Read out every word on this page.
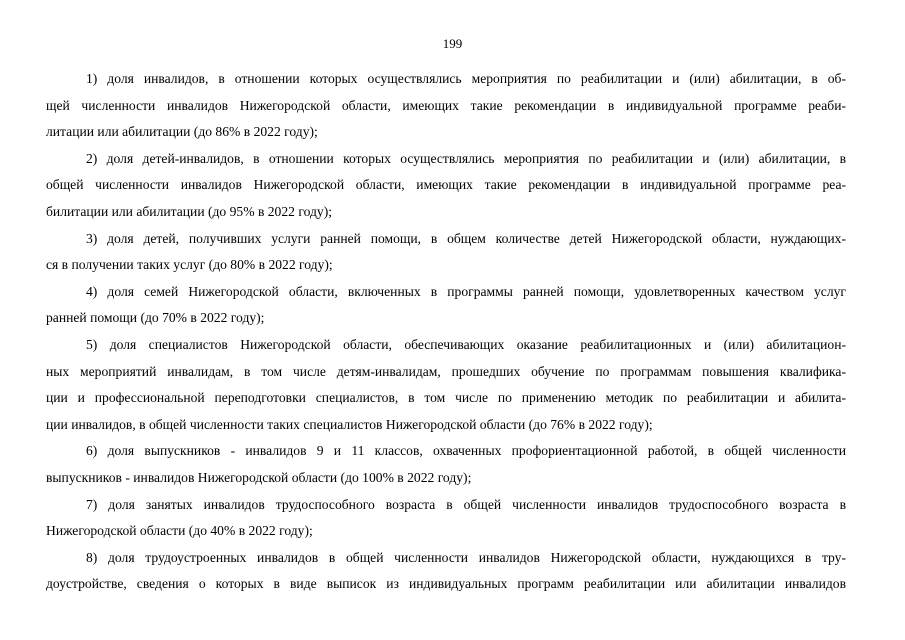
199
1) доля инвалидов, в отношении которых осуществлялись мероприятия по реабилитации и (или) абилитации, в об-
щей численности инвалидов Нижегородской области, имеющих такие рекомендации в индивидуальной программе реаби-
литации или абилитации (до 86% в 2022 году);
2) доля детей-инвалидов, в отношении которых осуществлялись мероприятия по реабилитации и (или) абилитации, в
общей численности инвалидов Нижегородской области, имеющих такие рекомендации в индивидуальной программе реа-
билитации или абилитации (до 95% в 2022 году);
3) доля детей, получивших услуги ранней помощи, в общем количестве детей Нижегородской области, нуждающих-
ся в получении таких услуг (до 80% в 2022 году);
4) доля семей Нижегородской области, включенных в программы ранней помощи, удовлетворенных качеством услуг
ранней помощи (до 70% в 2022 году);
5) доля специалистов Нижегородской области, обеспечивающих оказание реабилитационных и (или) абилитацион-
ных мероприятий инвалидам, в том числе детям-инвалидам, прошедших обучение по программам повышения квалифика-
ции и профессиональной переподготовки специалистов, в том числе по применению методик по реабилитации и абилита-
ции инвалидов, в общей численности таких специалистов Нижегородской области (до 76% в 2022 году);
6) доля выпускников - инвалидов 9 и 11 классов, охваченных профориентационной работой, в общей численности
выпускников - инвалидов Нижегородской области (до 100% в 2022 году);
7) доля занятых инвалидов трудоспособного возраста в общей численности инвалидов трудоспособного возраста в
Нижегородской области (до 40% в 2022 году);
8) доля трудоустроенных инвалидов в общей численности инвалидов Нижегородской области, нуждающихся в тру-
доустройстве, сведения о которых в виде выписок из индивидуальных программ реабилитации или абилитации инвалидов
